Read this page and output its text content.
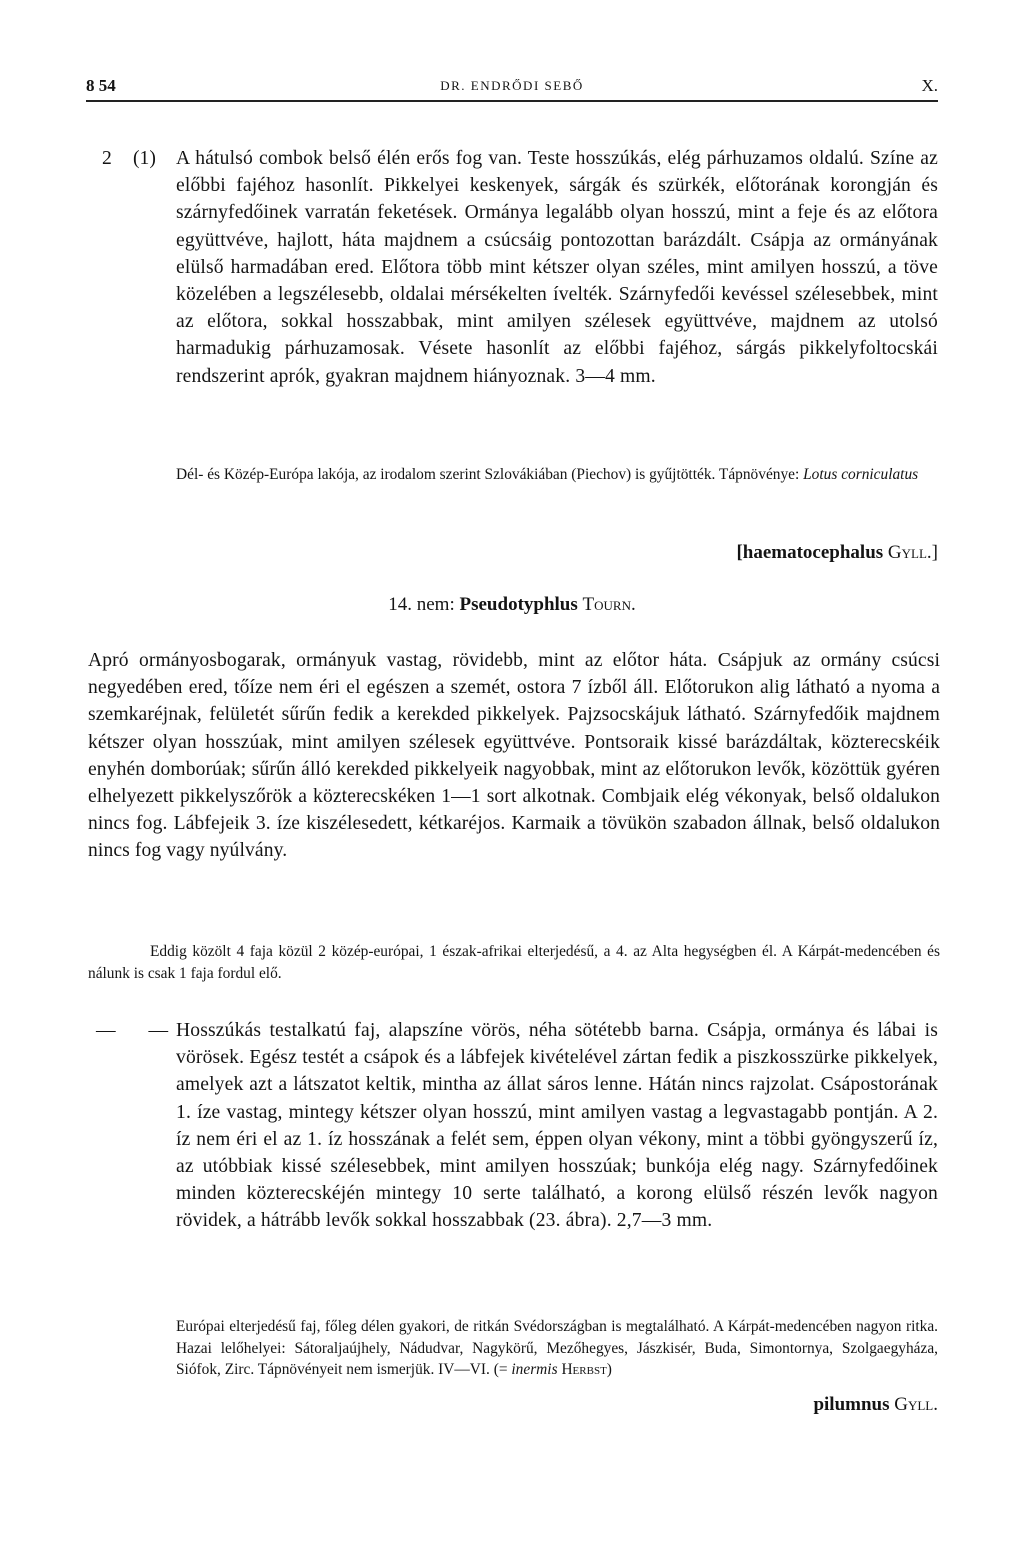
8 54	DR. ENDRŐDI SEBŐ	X.
2 (1) A hátulsó combok belső élén erős fog van. Teste hosszúkás, elég párhuzamos oldalú. Színe az előbbi fajéhoz hasonlít. Pikkelyei keskenyek, sárgák és szürkék, előtorának korongján és szárnyfedőinek varratán feketések. Ormánya legalább olyan hosszú, mint a feje és az előtora együttvéve, hajlott, háta majdnem a csúcsáig pontozottan barázdált. Csápja az ormányának elülső harmadában ered. Előtora több mint kétszer olyan széles, mint amilyen hosszú, a töve közelében a legszélesebb, oldalai mérsékelten ívelték. Szárnyfedői kevéssel szélesebbek, mint az előtora, sokkal hosszabbak, mint amilyen szélesek együttvéve, majdnem az utolsó harmadukig párhuzamosak. Vésete hasonlít az előbbi fajéhoz, sárgás pikkelyfoltocskái rendszerint aprók, gyakran majdnem hiányoznak. 3—4 mm.
Dél- és Közép-Európa lakója, az irodalom szerint Szlovákiában (Piechov) is gyűjtötték. Tápnövénye: Lotus corniculatus
[haematocephalus Gyll.]
14. nem: Pseudotyphlus Tourn.
Apró ormányosbogarak, ormányuk vastag, rövidebb, mint az előtor háta. Csápjuk az ormány csúcsi negyedében ered, tőíze nem éri el egészen a szemét, ostora 7 ízből áll. Előtorukon alig látható a nyoma a szemkaréjnak, felületét sűrűn fedik a kerekded pikkelyek. Pajzsocskájuk látható. Szárnyfedőik majdnem kétszer olyan hosszúak, mint amilyen szélesek együttvéve. Pontsoraik kissé barázdáltak, közterecskéik enyhén domborúak; sűrűn álló kerekded pikkelyeik nagyobbak, mint az előtorukon levők, közöttük gyéren elhelyezett pikkelyszőrök a közterecskéken 1—1 sort alkotnak. Combjaik elég vékonyak, belső oldalukon nincs fog. Lábfejeik 3. íze kiszélesedett, kétkaréjos. Karmaik a tövükön szabadon állnak, belső oldalukon nincs fog vagy nyúlvány.
Eddig közölt 4 faja közül 2 közép-európai, 1 észak-afrikai elterjedésű, a 4. az Alta hegységben él. A Kárpát-medencében és nálunk is csak 1 faja fordul elő.
— —
Hosszúkás testalkatú faj, alapszíne vörös, néha sötétebb barna. Csápja, ormánya és lábai is vörösek. Egész testét a csápok és a lábfejek kivételével zártan fedik a piszkosszürke pikkelyek, amelyek azt a látszatot keltik, mintha az állat sáros lenne. Hátán nincs rajzolat. Csápostorának 1. íze vastag, mintegy kétszer olyan hosszú, mint amilyen vastag a legvastagabb pontján. A 2. íz nem éri el az 1. íz hosszának a felét sem, éppen olyan vékony, mint a többi gyöngyszerű íz, az utóbbiak kissé szélesebbek, mint amilyen hosszúak; bunkója elég nagy. Szárnyfedőinek minden közterecskéjén mintegy 10 serte található, a korong elülső részén levők nagyon rövidek, a hátrább levők sokkal hosszabbak (23. ábra). 2,7—3 mm.
Európai elterjedésű faj, főleg délen gyakori, de ritkán Svédországban is megtalálható. A Kárpát-medencében nagyon ritka. Hazai lelőhelyei: Sátoraljaújhely, Nádudvar, Nagykörű, Mezőhegyes, Jászkisér, Buda, Simontornya, Szolgaegyháza, Siófok, Zirc. Tápnövényeit nem ismerjük. IV—VI. (= inermis Herbst)
pilumnus Gyll.
